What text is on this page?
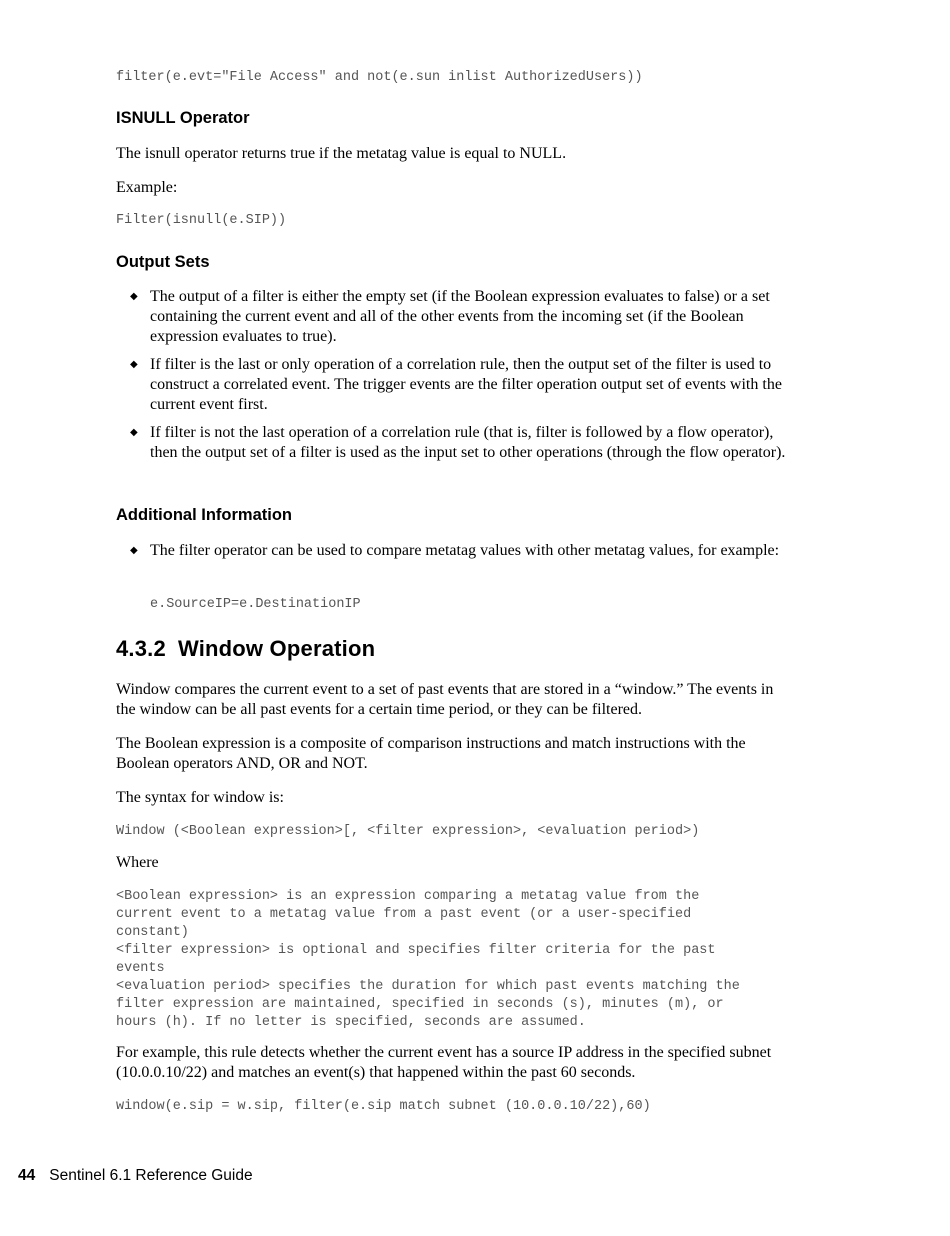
filter(e.evt="File Access" and not(e.sun inlist AuthorizedUsers))
ISNULL Operator
The isnull operator returns true if the metatag value is equal to NULL.
Example:
Filter(isnull(e.SIP))
Output Sets
◆ The output of a filter is either the empty set (if the Boolean expression evaluates to false) or a set containing the current event and all of the other events from the incoming set (if the Boolean expression evaluates to true).
◆ If filter is the last or only operation of a correlation rule, then the output set of the filter is used to construct a correlated event. The trigger events are the filter operation output set of events with the current event first.
◆ If filter is not the last operation of a correlation rule (that is, filter is followed by a flow operator), then the output set of a filter is used as the input set to other operations (through the flow operator).
Additional Information
◆ The filter operator can be used to compare metatag values with other metatag values, for example:
e.SourceIP=e.DestinationIP
4.3.2 Window Operation
Window compares the current event to a set of past events that are stored in a “window.” The events in the window can be all past events for a certain time period, or they can be filtered.
The Boolean expression is a composite of comparison instructions and match instructions with the Boolean operators AND, OR and NOT.
The syntax for window is:
Window (<Boolean expression>[, <filter expression>, <evaluation period>)
Where
<Boolean expression> is an expression comparing a metatag value from the
current event to a metatag value from a past event (or a user-specified
constant)
<filter expression> is optional and specifies filter criteria for the past
events
<evaluation period> specifies the duration for which past events matching the
filter expression are maintained, specified in seconds (s), minutes (m), or
hours (h). If no letter is specified, seconds are assumed.
For example, this rule detects whether the current event has a source IP address in the specified subnet (10.0.0.10/22) and matches an event(s) that happened within the past 60 seconds.
window(e.sip = w.sip, filter(e.sip match subnet (10.0.0.10/22),60)
44 Sentinel 6.1 Reference Guide
